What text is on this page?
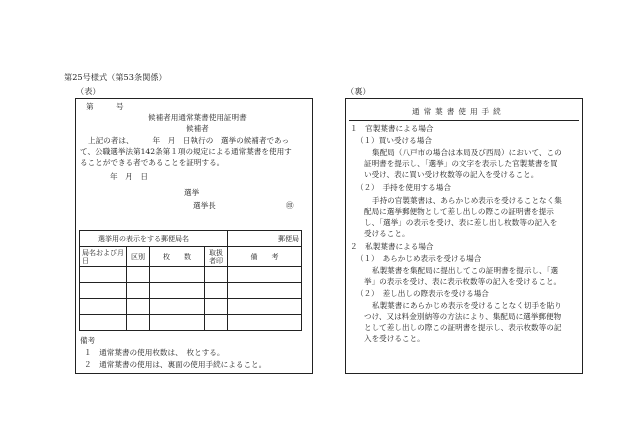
第25号様式（第53条関係）
（表）	（裏）
第	号
候補者用通常葉書使用証明書
候補者
上記の者は、　　　年　月　日執行の　選挙の候補者であっ
て、公職選挙法第142条第１項の規定による通常葉書を使用す
ることができる者であることを証明する。
年　月　日
選挙
選挙長	㊞
選挙用の表示をする郵便局名				郵便局
局名および月　日	区別	枚　　数	取扱者印	備　　考

備考
１　通常葉書の使用枚数は、　枚とする。
２　通常葉書の使用は、裏面の使用手続によること。
通常葉書使用手続
１　官製葉書による場合
（１）買い受ける場合
集配局（八戸市の場合は本局及び西局）において、この
証明書を提示し、「選挙」の文字を表示した官製葉書を買
い受け、表に買い受け枚数等の記入を受けること。
（２）　手持を使用する場合
手持の官製葉書は、あらかじめ表示を受けることなく集
配局に選挙郵便物として差し出しの際この証明書を提示
し、「選挙」の表示を受け、表に差し出し枚数等の記入を
受けること。
２　私製葉書による場合
（１）　あらかじめ表示を受ける場合
私製葉書を集配局に提出してこの証明書を提示し、「選
挙」の表示を受け、表に表示枚数等の記入を受けること。
（２）　差し出しの際表示を受ける場合
私製葉書にあらかじめ表示を受けることなく切手を貼り
つけ、又は料金別納等の方法により、集配局に選挙郵便物
として差し出しの際この証明書を提示し、表示枚数等の記
入を受けること。
